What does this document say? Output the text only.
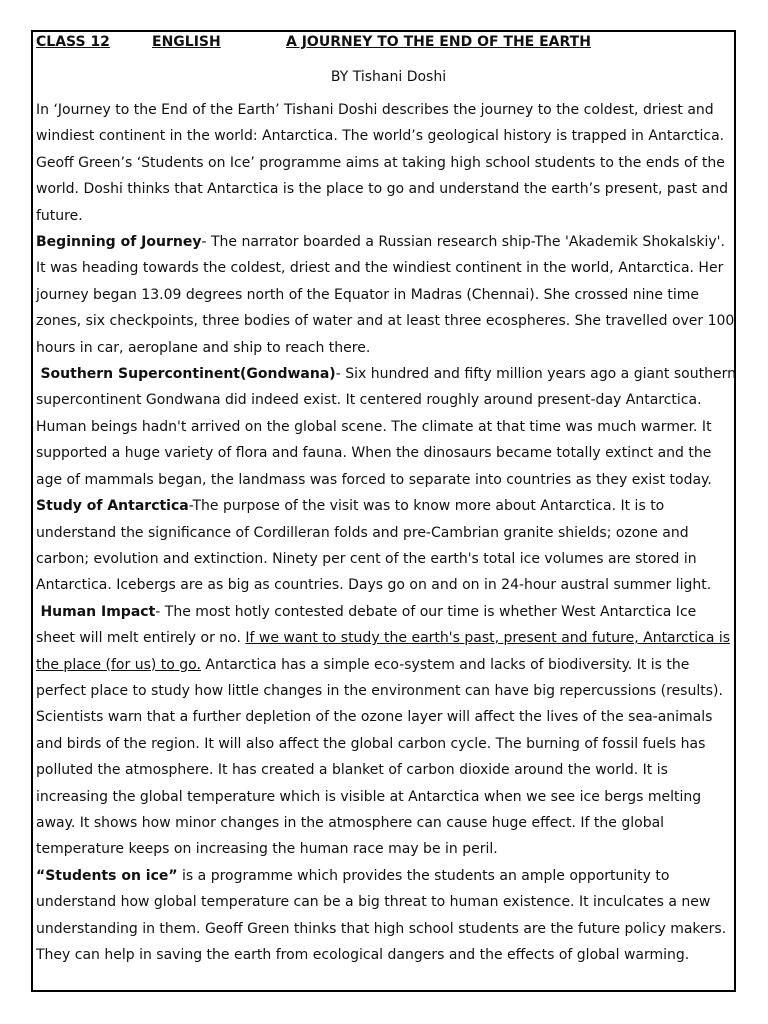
CLASS 12	ENGLISH	A JOURNEY TO THE END OF THE EARTH
BY Tishani Doshi

In ‘Journey to the End of the Earth’ Tishani Doshi describes the journey to the coldest, driest and windiest continent in the world: Antarctica. The world’s geological history is trapped in Antarctica. Geoff Green’s ‘Students on Ice’ programme aims at taking high school students to the ends of the world. Doshi thinks that Antarctica is the place to go and understand the earth’s present, past and future.

Beginning of Journey- The narrator boarded a Russian research ship-The 'Akademik Shokalskiy'. It was heading towards the coldest, driest and the windiest continent in the world, Antarctica. Her journey began 13.09 degrees north of the Equator in Madras (Chennai). She crossed nine time zones, six checkpoints, three bodies of water and at least three ecospheres. She travelled over 100 hours in car, aeroplane and ship to reach there.

Southern Supercontinent(Gondwana)- Six hundred and fifty million years ago a giant southern supercontinent Gondwana did indeed exist. It centered roughly around present-day Antarctica. Human beings hadn't arrived on the global scene. The climate at that time was much warmer. It supported a huge variety of flora and fauna. When the dinosaurs became totally extinct and the age of mammals began, the landmass was forced to separate into countries as they exist today.

Study of Antarctica-The purpose of the visit was to know more about Antarctica. It is to understand the significance of Cordilleran folds and pre-Cambrian granite shields; ozone and carbon; evolution and extinction. Ninety per cent of the earth's total ice volumes are stored in Antarctica. Icebergs are as big as countries. Days go on and on in 24-hour austral summer light.

Human Impact- The most hotly contested debate of our time is whether West Antarctica Ice sheet will melt entirely or no. If we want to study the earth's past, present and future, Antarctica is the place (for us) to go. Antarctica has a simple eco-system and lacks of biodiversity. It is the perfect place to study how little changes in the environment can have big repercussions (results).

Scientists warn that a further depletion of the ozone layer will affect the lives of the sea-animals and birds of the region. It will also affect the global carbon cycle. The burning of fossil fuels has polluted the atmosphere. It has created a blanket of carbon dioxide around the world. It is increasing the global temperature which is visible at Antarctica when we see ice bergs melting away. It shows how minor changes in the atmosphere can cause huge effect. If the global temperature keeps on increasing the human race may be in peril.

“Students on ice” is a programme which provides the students an ample opportunity to understand how global temperature can be a big threat to human existence. It inculcates a new understanding in them. Geoff Green thinks that high school students are the future policy makers. They can help in saving the earth from ecological dangers and the effects of global warming.
